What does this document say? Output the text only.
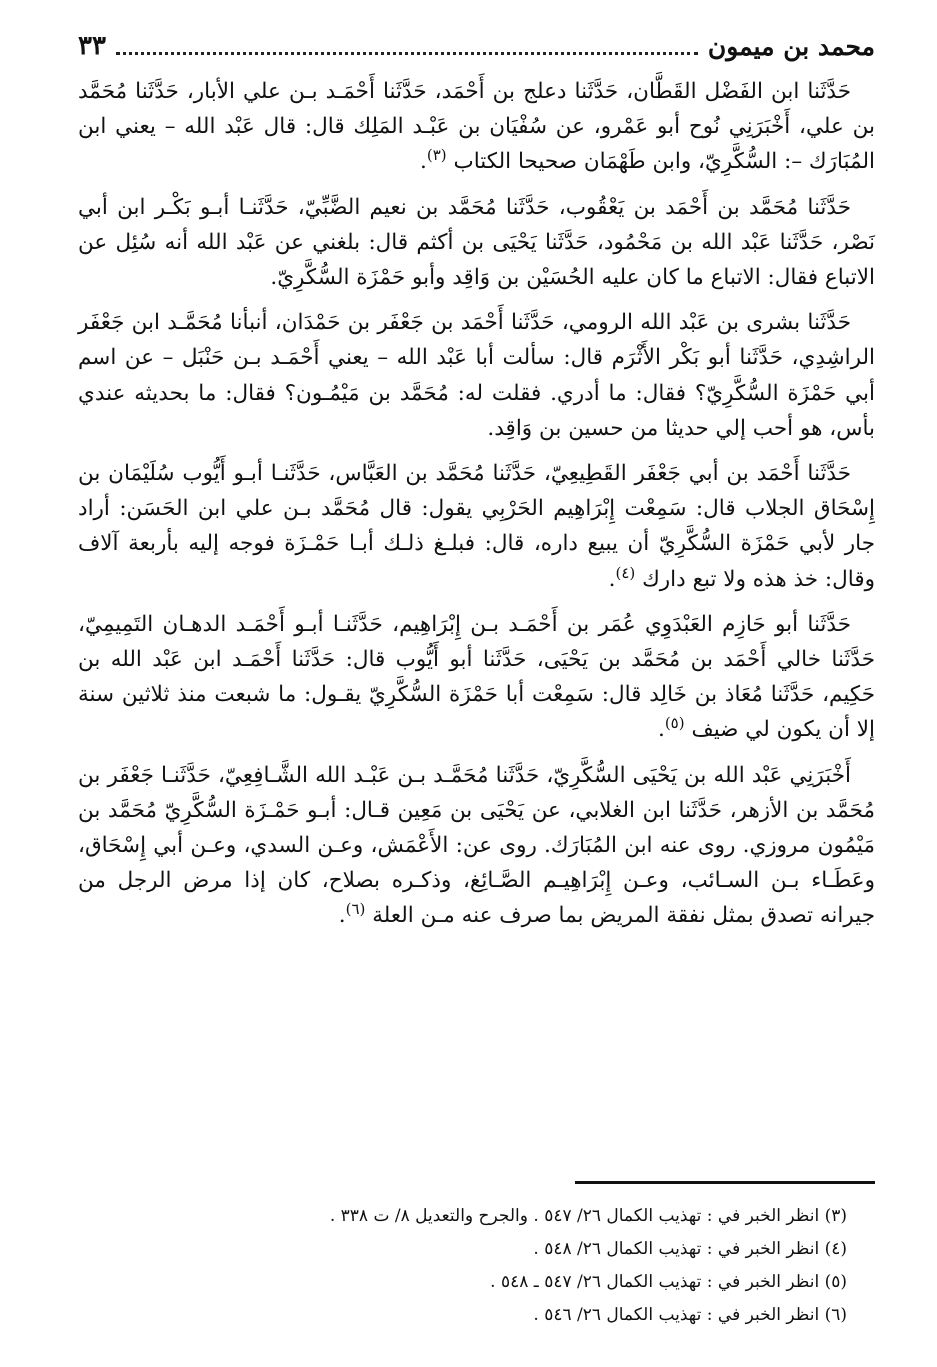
محمد بن ميمون
٣٣

حَدَّثَنا ابن الفَضْل القَطَّان، حَدَّثَنا دعلج بن أَحْمَد، حَدَّثَنا أَحْمَـد بـن علي الأبار، حَدَّثَنا مُحَمَّد بن علي، أَخْبَرَنِي نُوح أبو عَمْرو، عن سُفْيَان بن عَبْـد المَلِك قال: قال عَبْد الله – يعني ابن المُبَارَك –: السُّكَّرِيّ، وابن طَهْمَان صحيحا الكتاب $^{(٣)}$.

حَدَّثَنا مُحَمَّد بن أَحْمَد بن يَعْقُوب، حَدَّثَنا مُحَمَّد بن نعيم الضَّبِّيّ، حَدَّثَنـا أبـو بَكْـر ابن أبي نَصْر، حَدَّثَنا عَبْد الله بن مَحْمُود، حَدَّثَنا يَحْيَى بن أكثم قال: بلغني عن عَبْد الله أنه سُئِل عن الاتباع فقال: الاتباع ما كان عليه الحُسَيْن بن وَاقِد وأبو حَمْزَة السُّكَّرِيّ.

حَدَّثَنا بشرى بن عَبْد الله الرومي، حَدَّثَنا أَحْمَد بن جَعْفَر بن حَمْدَان، أنبأنا مُحَمَّـد ابن جَعْفَر الراشِدِي، حَدَّثَنا أبو بَكْر الأَثْرَم قال: سألت أبا عَبْد الله – يعني أَحْمَـد بـن حَنْبَل – عن اسم أبي حَمْزَة السُّكَّرِيّ؟ فقال: ما أدري. فقلت له: مُحَمَّد بن مَيْمُـون؟ فقال: ما بحديثه عندي بأس، هو أحب إلي حديثا من حسين بن وَاقِد.

حَدَّثَنا أَحْمَد بن أبي جَعْفَر القَطِيعِيّ، حَدَّثَنا مُحَمَّد بن العَبَّاس، حَدَّثَنـا أبـو أَيُّوب سُلَيْمَان بن إِسْحَاق الجلاب قال: سَمِعْت إِبْرَاهِيم الحَرْبِي يقول: قال مُحَمَّد بـن علي ابن الحَسَن: أراد جار لأبي حَمْزَة السُّكَّرِيّ أن يبيع داره، قال: فبلـغ ذلـك أبـا حَمْـزَة فوجه إليه بأربعة آلاف وقال: خذ هذه ولا تبع دارك $^{(٤)}$.

حَدَّثَنا أبو حَازِم العَبْدَوِي عُمَر بن أَحْمَـد بـن إِبْرَاهِيم، حَدَّثَنـا أبـو أَحْمَـد الدهـان التَمِيمِيّ، حَدَّثَنا خالي أَحْمَد بن مُحَمَّد بن يَحْيَى، حَدَّثَنا أبو أَيُّوب قال: حَدَّثَنا أَحْمَـد ابن عَبْد الله بن حَكِيم، حَدَّثَنا مُعَاذ بن خَالِد قال: سَمِعْت أبا حَمْزَة السُّكَّرِيّ يقـول: ما شبعت منذ ثلاثين سنة إلا أن يكون لي ضيف $^{(٥)}$.

أَخْبَرَنِي عَبْد الله بن يَحْيَى السُّكَّرِيّ، حَدَّثَنا مُحَمَّـد بـن عَبْـد الله الشَّـافِعِيّ، حَدَّثَنـا جَعْفَر بن مُحَمَّد بن الأزهر، حَدَّثَنا ابن الغلابي، عن يَحْيَى بن مَعِين قـال: أبـو حَمْـزَة السُّكَّرِيّ مُحَمَّد بن مَيْمُون مروزي. روى عنه ابن المُبَارَك. روى عن: الأَعْمَش، وعـن السدي، وعـن أبي إِسْحَاق، وعَطَـاء بـن السـائب، وعـن إِبْرَاهِيـم الصَّـائِغ، وذكـره بصلاح، كان إذا مرض الرجل من جيرانه تصدق بمثل نفقة المريض بما صرف عنه مـن العلة $^{(٦)}$.

(٣) انظر الخبر في : تهذيب الكمال ٢٦/ ٥٤٧ . والجرح والتعديل ٨/ ت ٣٣٨ .
(٤) انظر الخبر في : تهذيب الكمال ٢٦/ ٥٤٨ .
(٥) انظر الخبر في : تهذيب الكمال ٢٦/ ٥٤٧ ـ ٥٤٨ .
(٦) انظر الخبر في : تهذيب الكمال ٢٦/ ٥٤٦ .
